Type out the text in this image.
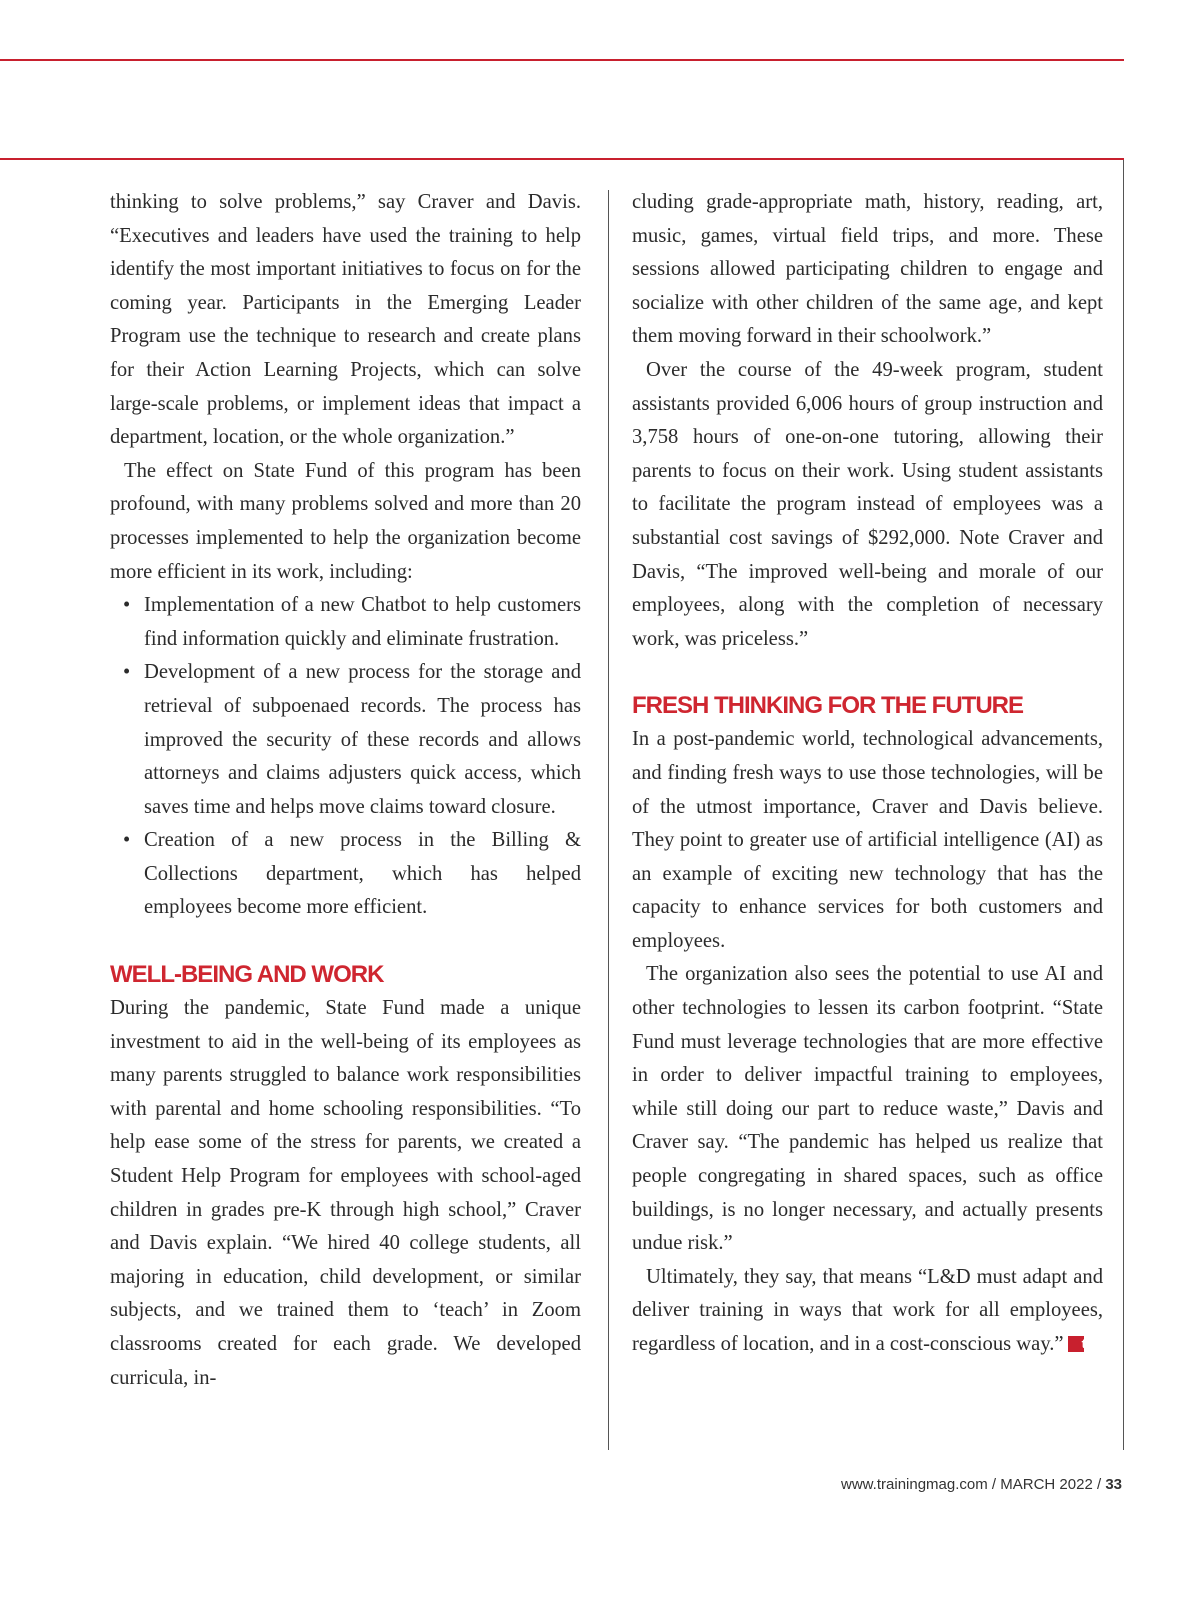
thinking to solve problems,” say Craver and Davis. “Executives and leaders have used the training to help identify the most important initiatives to focus on for the coming year. Participants in the Emerging Leader Program use the technique to research and create plans for their Action Learning Projects, which can solve large-scale problems, or implement ideas that impact a department, location, or the whole organization.”

The effect on State Fund of this program has been profound, with many problems solved and more than 20 processes implemented to help the organization become more efficient in its work, including:

• Implementation of a new Chatbot to help customers find information quickly and eliminate frustration.
• Development of a new process for the storage and retrieval of subpoenaed records. The process has improved the security of these records and allows attorneys and claims adjusters quick access, which saves time and helps move claims toward closure.
• Creation of a new process in the Billing & Collections department, which has helped employees become more efficient.
WELL-BEING AND WORK

During the pandemic, State Fund made a unique investment to aid in the well-being of its employees as many parents struggled to balance work responsibilities with parental and home schooling responsibilities. “To help ease some of the stress for parents, we created a Student Help Program for employees with school-aged children in grades pre-K through high school,” Craver and Davis explain. “We hired 40 college students, all majoring in education, child development, or similar subjects, and we trained them to ‘teach’ in Zoom classrooms created for each grade. We developed curricula, in-

cluding grade-appropriate math, history, reading, art, music, games, virtual field trips, and more. These sessions allowed participating children to engage and socialize with other children of the same age, and kept them moving forward in their schoolwork.”

Over the course of the 49-week program, student assistants provided 6,006 hours of group instruction and 3,758 hours of one-on-one tutoring, allowing their parents to focus on their work. Using student assistants to facilitate the program instead of employees was a substantial cost savings of $292,000. Note Craver and Davis, “The improved well-being and morale of our employees, along with the completion of necessary work, was priceless.”

FRESH THINKING FOR THE FUTURE

In a post-pandemic world, technological advancements, and finding fresh ways to use those technologies, will be of the utmost importance, Craver and Davis believe. They point to greater use of artificial intelligence (AI) as an example of exciting new technology that has the capacity to enhance services for both customers and employees.

The organization also sees the potential to use AI and other technologies to lessen its carbon footprint. “State Fund must leverage technologies that are more effective in order to deliver impactful training to employees, while still doing our part to reduce waste,” Davis and Craver say. “The pandemic has helped us realize that people congregating in shared spaces, such as office buildings, is no longer necessary, and actually presents undue risk.”

Ultimately, they say, that means “L&D must adapt and deliver training in ways that work for all employees, regardless of location, and in a cost-conscious way.” t

www.trainingmag.com / MARCH 2022 / 33
